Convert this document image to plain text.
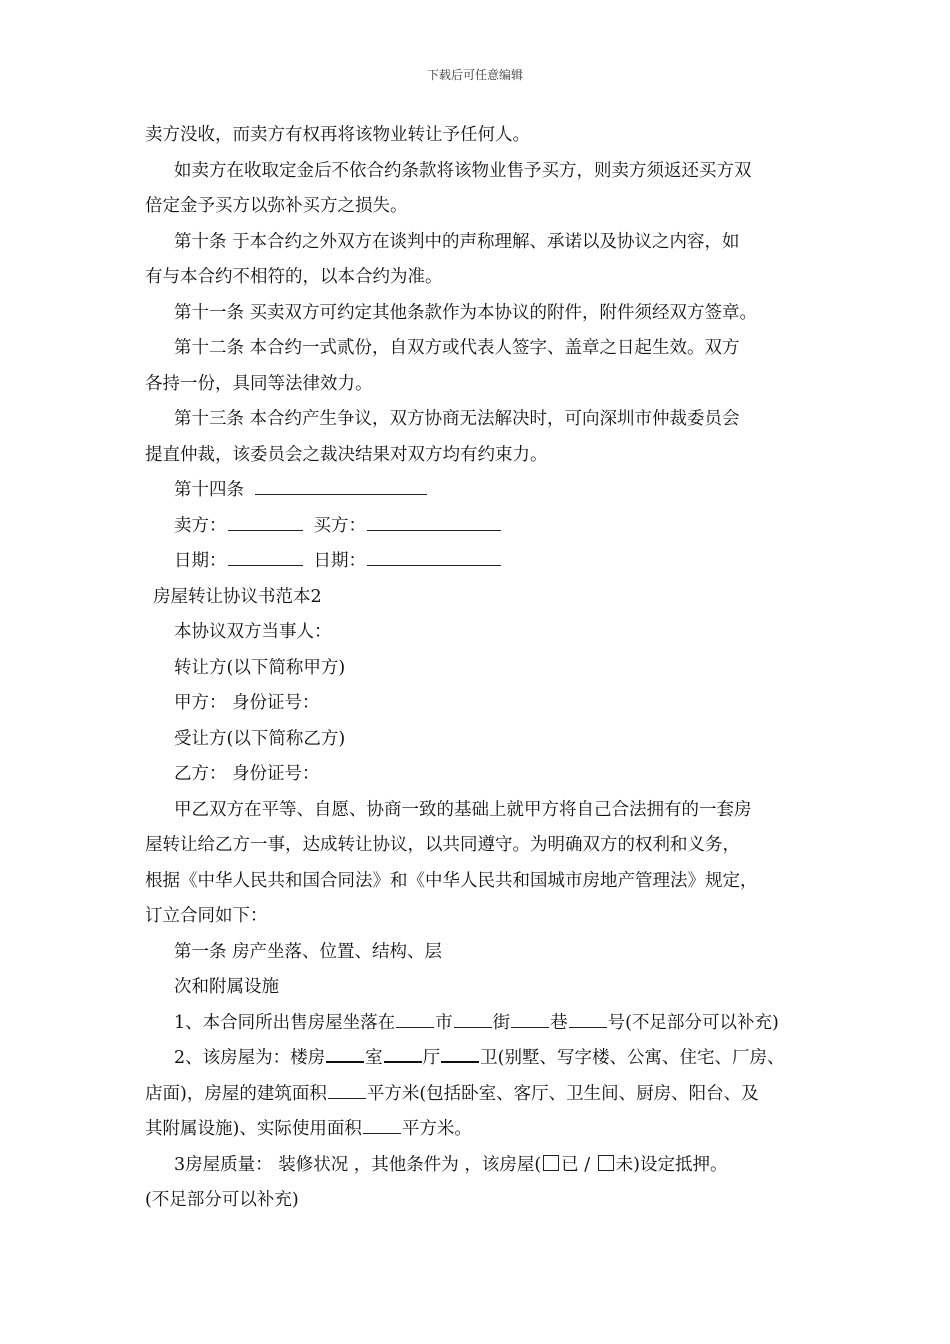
下载后可任意编辑

卖方没收，而卖方有权再将该物业转让予任何人。

如卖方在收取定金后不依合约条款将该物业售予买方，则卖方须返还买方双

倍定金予买方以弥补买方之损失。

第十条 于本合约之外双方在谈判中的声称理解、承诺以及协议之内容，如

有与本合约不相符的，以本合约为准。

第十一条 买卖双方可约定其他条款作为本协议的附件，附件须经双方签章。

第十二条 本合约一式贰份，自双方或代表人签字、盖章之日起生效。双方

各持一份，具同等法律效力。

第十三条 本合约产生争议，双方协商无法解决时，可向深圳市仲裁委员会

提直仲裁，该委员会之裁决结果对双方均有约束力。

第十四条

卖方：	买方：

日期：	日期：

房屋转让协议书范本2

本协议双方当事人：

转让方(以下简称甲方)

甲方： 身份证号：

受让方(以下简称乙方)

乙方： 身份证号：

甲乙双方在平等、自愿、协商一致的基础上就甲方将自己合法拥有的一套房

屋转让给乙方一事，达成转让协议，以共同遵守。为明确双方的权利和义务，

根据《中华人民共和国合同法》和《中华人民共和国城市房地产管理法》规定，

订立合同如下：

第一条 房产坐落、位置、结构、层

次和附属设施

1、本合同所出售房屋坐落在 市 街 巷 号(不足部分可以补充)

2、该房屋为：楼房 室 厅 卫(别墅、写字楼、公寓、住宅、厂房、

店面)，房屋的建筑面积 平方米(包括卧室、客厅、卫生间、厨房、阳台、及

其附属设施)、实际使用面积 平方米。

3房屋质量： 装修状况 ，其他条件为 ，该房屋( 已 / 未)设定抵押。

(不足部分可以补充)
